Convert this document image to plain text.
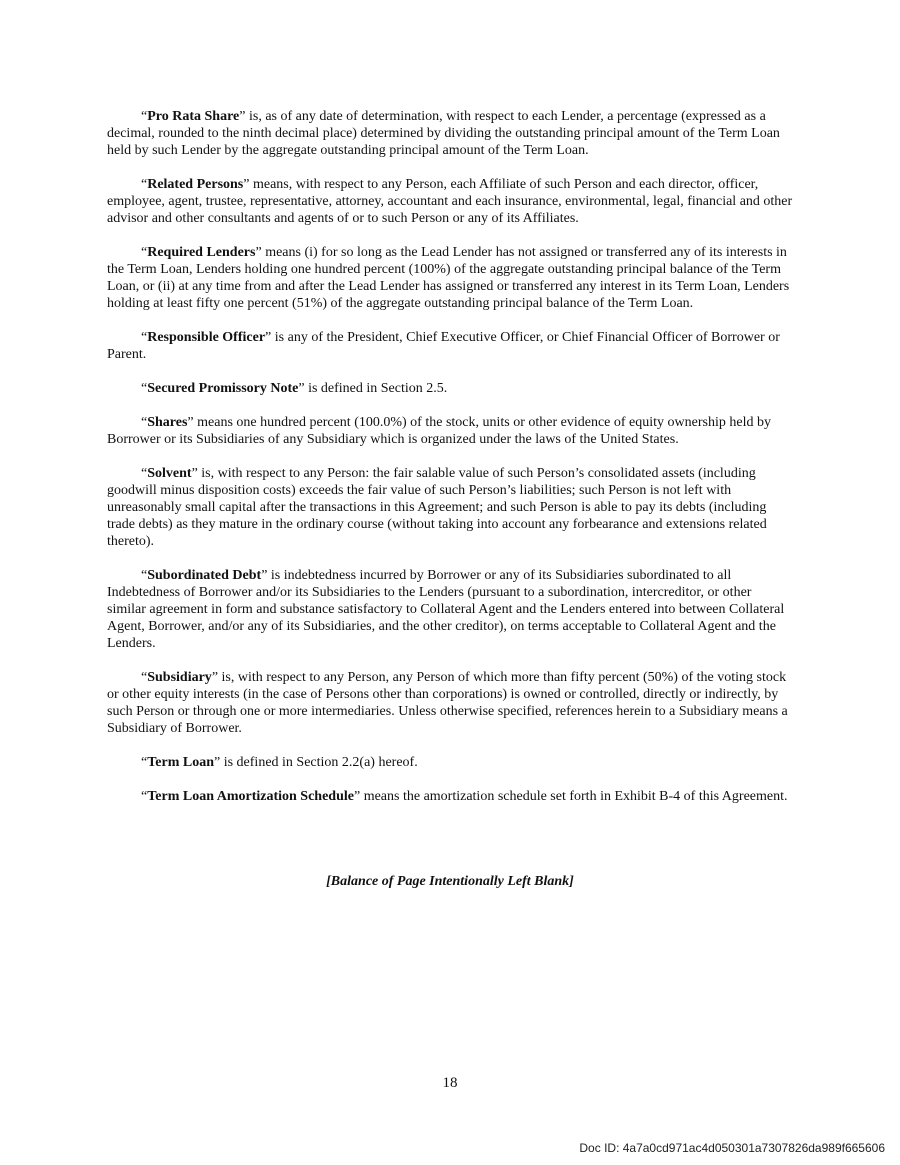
“Pro Rata Share” is, as of any date of determination, with respect to each Lender, a percentage (expressed as a decimal, rounded to the ninth decimal place) determined by dividing the outstanding principal amount of the Term Loan held by such Lender by the aggregate outstanding principal amount of the Term Loan.

“Related Persons” means, with respect to any Person, each Affiliate of such Person and each director, officer, employee, agent, trustee, representative, attorney, accountant and each insurance, environmental, legal, financial and other advisor and other consultants and agents of or to such Person or any of its Affiliates.

“Required Lenders” means (i) for so long as the Lead Lender has not assigned or transferred any of its interests in the Term Loan, Lenders holding one hundred percent (100%) of the aggregate outstanding principal balance of the Term Loan, or (ii) at any time from and after the Lead Lender has assigned or transferred any interest in its Term Loan, Lenders holding at least fifty one percent (51%) of the aggregate outstanding principal balance of the Term Loan.

“Responsible Officer” is any of the President, Chief Executive Officer, or Chief Financial Officer of Borrower or Parent.

“Secured Promissory Note” is defined in Section 2.5.

“Shares” means one hundred percent (100.0%) of the stock, units or other evidence of equity ownership held by Borrower or its Subsidiaries of any Subsidiary which is organized under the laws of the United States.

“Solvent” is, with respect to any Person: the fair salable value of such Person’s consolidated assets (including goodwill minus disposition costs) exceeds the fair value of such Person’s liabilities; such Person is not left with unreasonably small capital after the transactions in this Agreement; and such Person is able to pay its debts (including trade debts) as they mature in the ordinary course (without taking into account any forbearance and extensions related thereto).

“Subordinated Debt” is indebtedness incurred by Borrower or any of its Subsidiaries subordinated to all Indebtedness of Borrower and/or its Subsidiaries to the Lenders (pursuant to a subordination, intercreditor, or other similar agreement in form and substance satisfactory to Collateral Agent and the Lenders entered into between Collateral Agent, Borrower, and/or any of its Subsidiaries, and the other creditor), on terms acceptable to Collateral Agent and the Lenders.

“Subsidiary” is, with respect to any Person, any Person of which more than fifty percent (50%) of the voting stock or other equity interests (in the case of Persons other than corporations) is owned or controlled, directly or indirectly, by such Person or through one or more intermediaries. Unless otherwise specified, references herein to a Subsidiary means a Subsidiary of Borrower.

“Term Loan” is defined in Section 2.2(a) hereof.

“Term Loan Amortization Schedule” means the amortization schedule set forth in Exhibit B-4 of this Agreement.

[Balance of Page Intentionally Left Blank]
18
Doc ID: 4a7a0cd971ac4d050301a7307826da989f665606
